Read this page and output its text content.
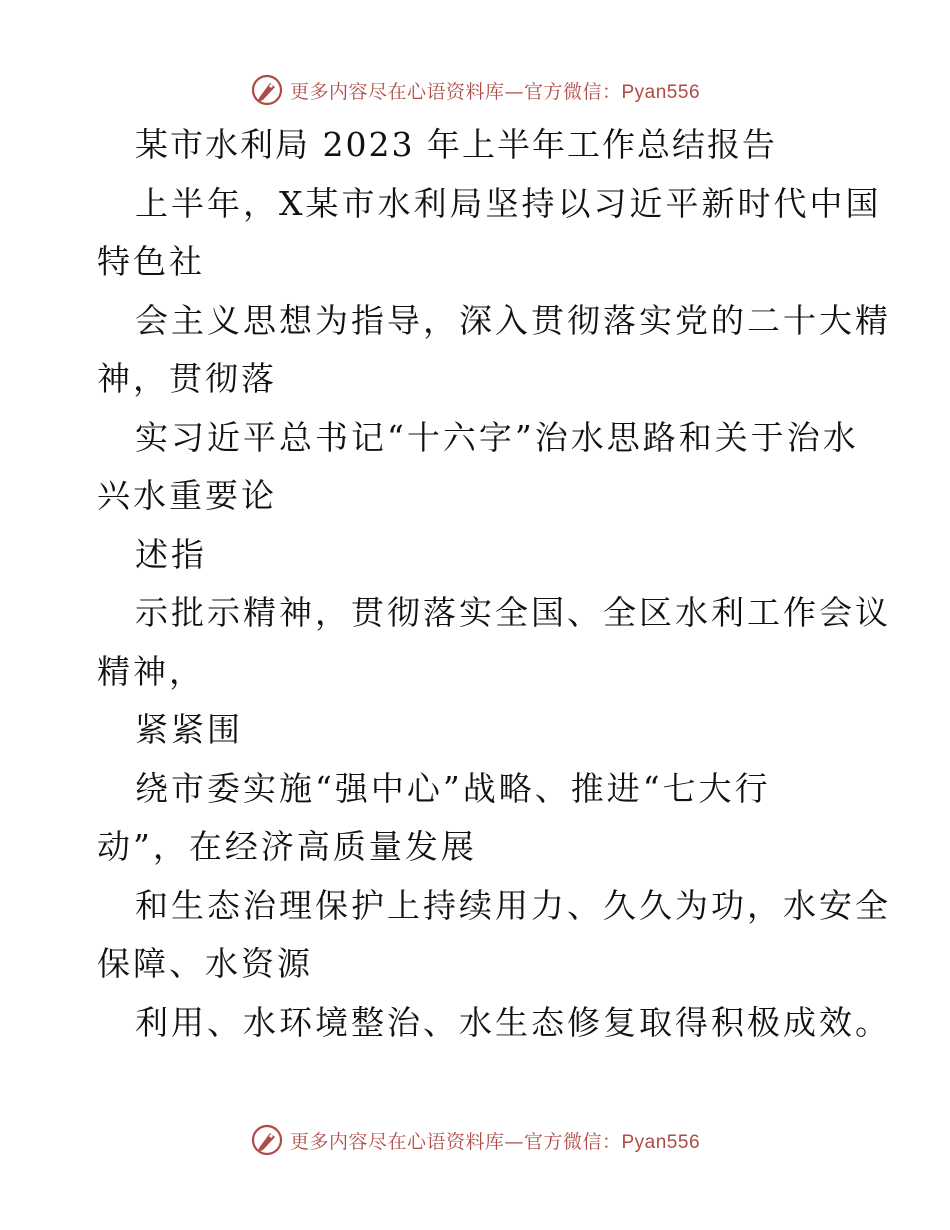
更多内容尽在心语资料库—官方微信：Pyan556
某市水利局 2023 年上半年工作总结报告
上半年，X某市水利局坚持以习近平新时代中国
特色社
会主义思想为指导，深入贯彻落实党的二十大精
神，贯彻落
实习近平总书记“十六字”治水思路和关于治水
兴水重要论
述指
示批示精神，贯彻落实全国、全区水利工作会议
精神，
紧紧围
绕市委实施“强中心”战略、推进“七大行
动”，在经济高质量发展
和生态治理保护上持续用力、久久为功，水安全
保障、水资源
利用、水环境整治、水生态修复取得积极成效。
更多内容尽在心语资料库—官方微信：Pyan556
